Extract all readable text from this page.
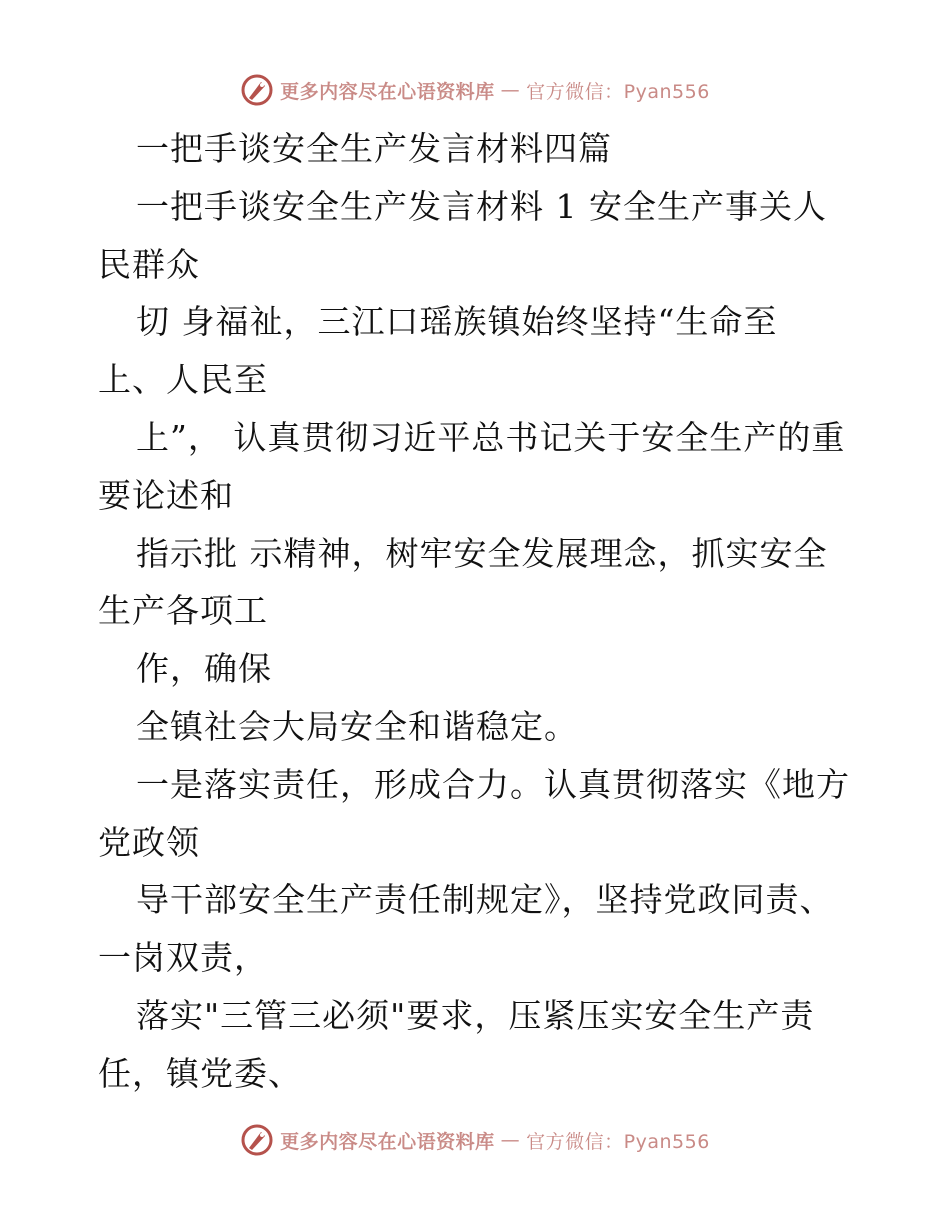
更多内容尽在心语资料库 — 官方微信：Pyan556
一把手谈安全生产发言材料四篇
一把手谈安全生产发言材料 1 安全生产事关人
民群众
切 身福祉，三江口瑶族镇始终坚持“生命至
上、人民至
上”， 认真贯彻习近平总书记关于安全生产的重
要论述和
指示批 示精神，树牢安全发展理念，抓实安全
生产各项工
作，确保
全镇社会大局安全和谐稳定。
一是落实责任，形成合力。认真贯彻落实《地方
党政领
导干部安全生产责任制规定》，坚持党政同责、
一岗双责，
落实"三管三必须"要求，压紧压实安全生产责
任，镇党委、
更多内容尽在心语资料库 — 官方微信：Pyan556
